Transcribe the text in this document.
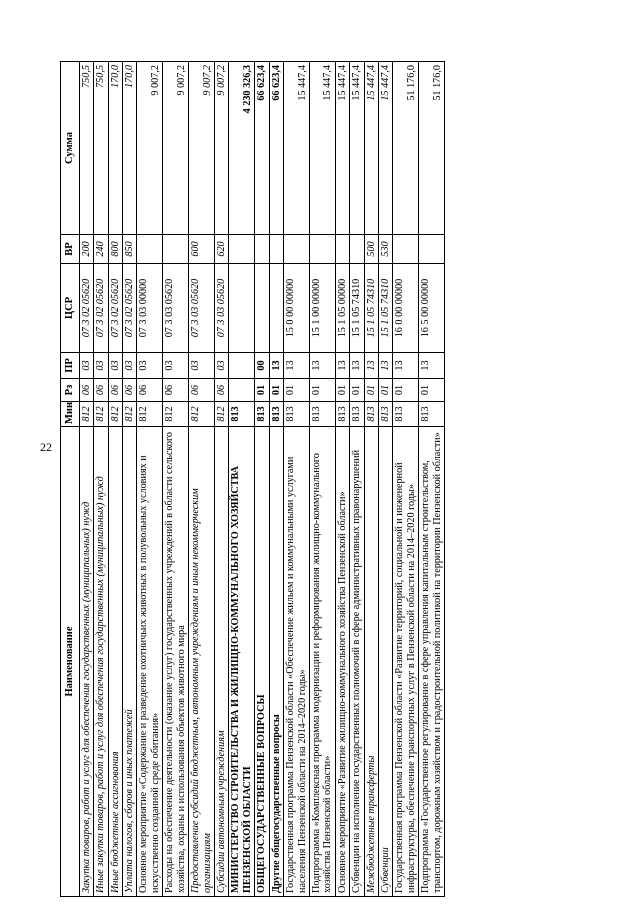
22
Наименование	Мин	Рз	ПР	ЦСР	ВР	Сумма
Закупка товаров, работ и услуг для обеспечения государственных (муниципальных) нужд	812	06	03	07 3 02 05620	200	750,5
Иные закупки товаров, работ и услуг для обеспечения государственных (муниципальных) нужд	812	06	03	07 3 02 05620	240	750,5
Иные бюджетные ассигнования	812	06	03	07 3 02 05620	800	170,0
Уплата налогов, сборов и иных платежей	812	06	03	07 3 02 05620	850	170,0
Основное мероприятие «Содержание и разведение охотничьих животных в полувольных условиях и искусственно созданной среде обитания»	812	06	03	07 3 03 00000		9 007,2
Расходы на обеспечение деятельности (оказание услуг) государственных учреждений в области сельского хозяйства, охраны и использования объектов животного мира	812	06	03	07 3 03 05620		9 007,2
Предоставление субсидий бюджетным, автономным учреждениям и иным некоммерческим организациям	812	06	03	07 3 03 05620	600	9 007,2
Субсидии автономным учреждениям	812	06	03	07 3 03 05620	620	9 007,2
МИНИСТЕРСТВО СТРОИТЕЛЬСТВА И ЖИЛИЩНО-КОММУНАЛЬНОГО ХОЗЯЙСТВА ПЕНЗЕНСКОЙ ОБЛАСТИ	813					4 230 326,3
ОБЩЕГОСУДАРСТВЕННЫЕ ВОПРОСЫ	813	01	00			66 623,4
Другие общегосударственные вопросы	813	01	13			66 623,4
Государственная программа Пензенской области «Обеспечение жильем и коммунальными услугами населения Пензенской области на 2014–2020 годы»	813	01	13	15 0 00 00000		15 447,4
Подпрограмма «Комплексная программа модернизации и реформирования жилищно-коммунального хозяйства Пензенской области»	813	01	13	15 1 00 00000		15 447,4
Основное мероприятие «Развитие жилищно-коммунального хозяйства Пензенской области»	813	01	13	15 1 05 00000		15 447,4
Субвенции на исполнение государственных полномочий в сфере административных правонарушений	813	01	13	15 1 05 74310		15 447,4
Межбюджетные трансферты	813	01	13	15 1 05 74310	500	15 447,4
Субвенции	813	01	13	15 1 05 74310	530	15 447,4
Государственная программа Пензенской области «Развитие территорий, социальной и инженерной инфраструктуры, обеспечение транспортных услуг в Пензенской области на 2014–2020 годы»	813	01	13	16 0 00 00000		51 176,0
Подпрограмма «Государственное регулирование в сфере управления капитальным строительством, транспортом, дорожным хозяйством и градостроительной политикой на территории Пензенской области»	813	01	13	16 5 00 00000		51 176,0
